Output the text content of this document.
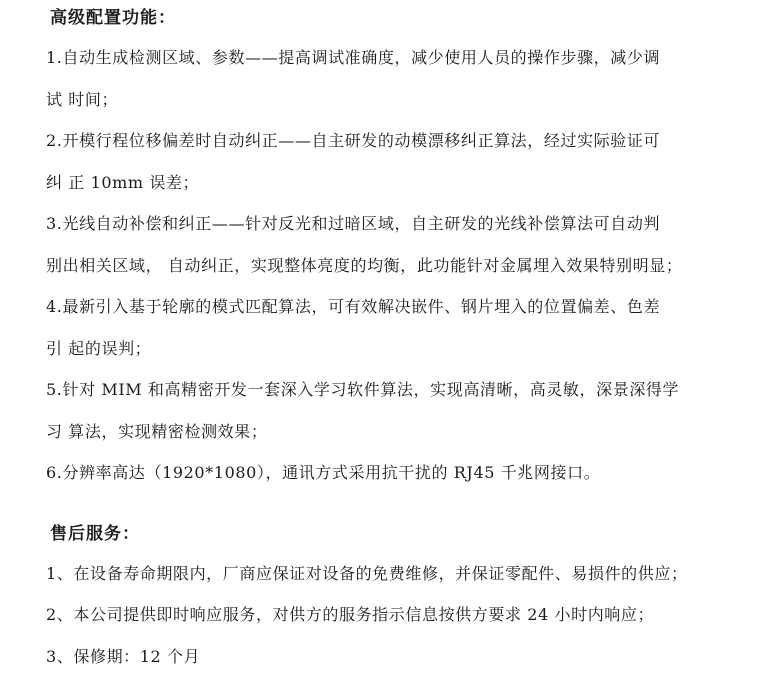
高级配置功能：
1.自动生成检测区域、参数——提高调试准确度，减少使用人员的操作步骤，减少调
试 时间；
2.开模行程位移偏差时自动纠正——自主研发的动模漂移纠正算法，经过实际验证可
纠 正 10mm 误差；
3.光线自动补偿和纠正——针对反光和过暗区域，自主研发的光线补偿算法可自动判
别出相关区域， 自动纠正，实现整体亮度的均衡，此功能针对金属埋入效果特别明显；
4.最新引入基于轮廓的模式匹配算法，可有效解决嵌件、钢片埋入的位置偏差、色差
引 起的误判；
5.针对 MIM 和高精密开发一套深入学习软件算法，实现高清晰，高灵敏，深景深得学
习 算法，实现精密检测效果；
6.分辨率高达（1920*1080），通讯方式采用抗干扰的 RJ45 千兆网接口。
售后服务：
1、在设备寿命期限内，厂商应保证对设备的免费维修，并保证零配件、易损件的供应；
2、本公司提供即时响应服务，对供方的服务指示信息按供方要求 24 小时内响应；
3、保修期：12 个月
